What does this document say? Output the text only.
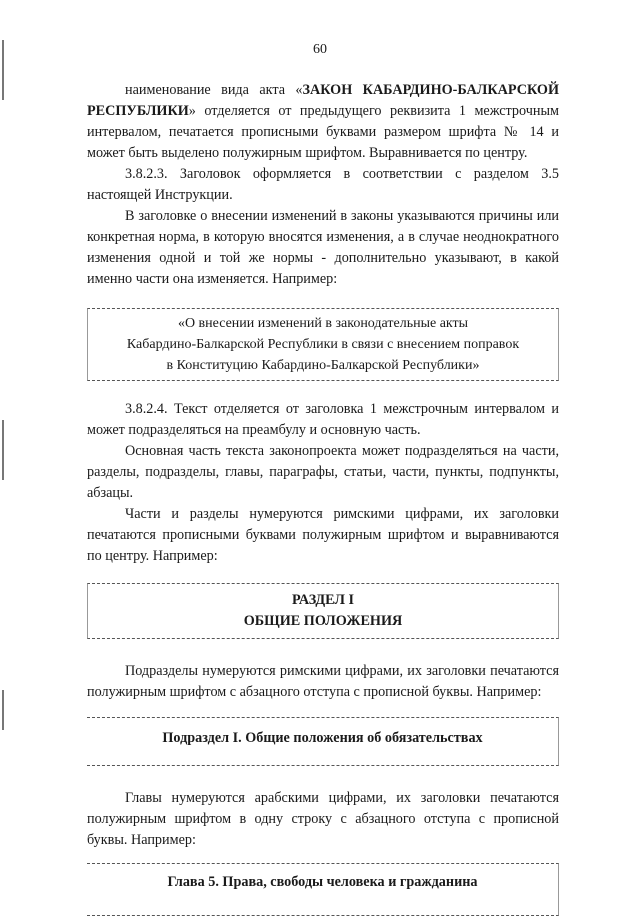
60

наименование вида акта «ЗАКОН КАБАРДИНО-БАЛКАРСКОЙ РЕСПУБЛИКИ» отделяется от предыдущего реквизита 1 межстрочным интервалом, печатается прописными буквами размером шрифта № 14 и может быть выделено полужирным шрифтом. Выравнивается по центру.

3.8.2.3. Заголовок оформляется в соответствии с разделом 3.5 настоящей Инструкции.

В заголовке о внесении изменений в законы указываются причины или конкретная норма, в которую вносятся изменения, а в случае неоднократного изменения одной и той же нормы - дополнительно указывают, в какой именно части она изменяется. Например:

«О внесении изменений в законодательные акты
Кабардино-Балкарской Республики в связи с внесением поправок
в Конституцию Кабардино-Балкарской Республики»

3.8.2.4. Текст отделяется от заголовка 1 межстрочным интервалом и может подразделяться на преамбулу и основную часть.

Основная часть текста законопроекта может подразделяться на части, разделы, подразделы, главы, параграфы, статьи, части, пункты, подпункты, абзацы.

Части и разделы нумеруются римскими цифрами, их заголовки печатаются прописными буквами полужирным шрифтом и выравниваются по центру. Например:

РАЗДЕЛ I
ОБЩИЕ ПОЛОЖЕНИЯ

Подразделы нумеруются римскими цифрами, их заголовки печатаются полужирным шрифтом с абзацного отступа с прописной буквы. Например:

Подраздел I. Общие положения об обязательствах

Главы нумеруются арабскими цифрами, их заголовки печатаются полужирным шрифтом в одну строку с абзацного отступа с прописной буквы. Например:

Глава 5. Права, свободы человека и гражданина
